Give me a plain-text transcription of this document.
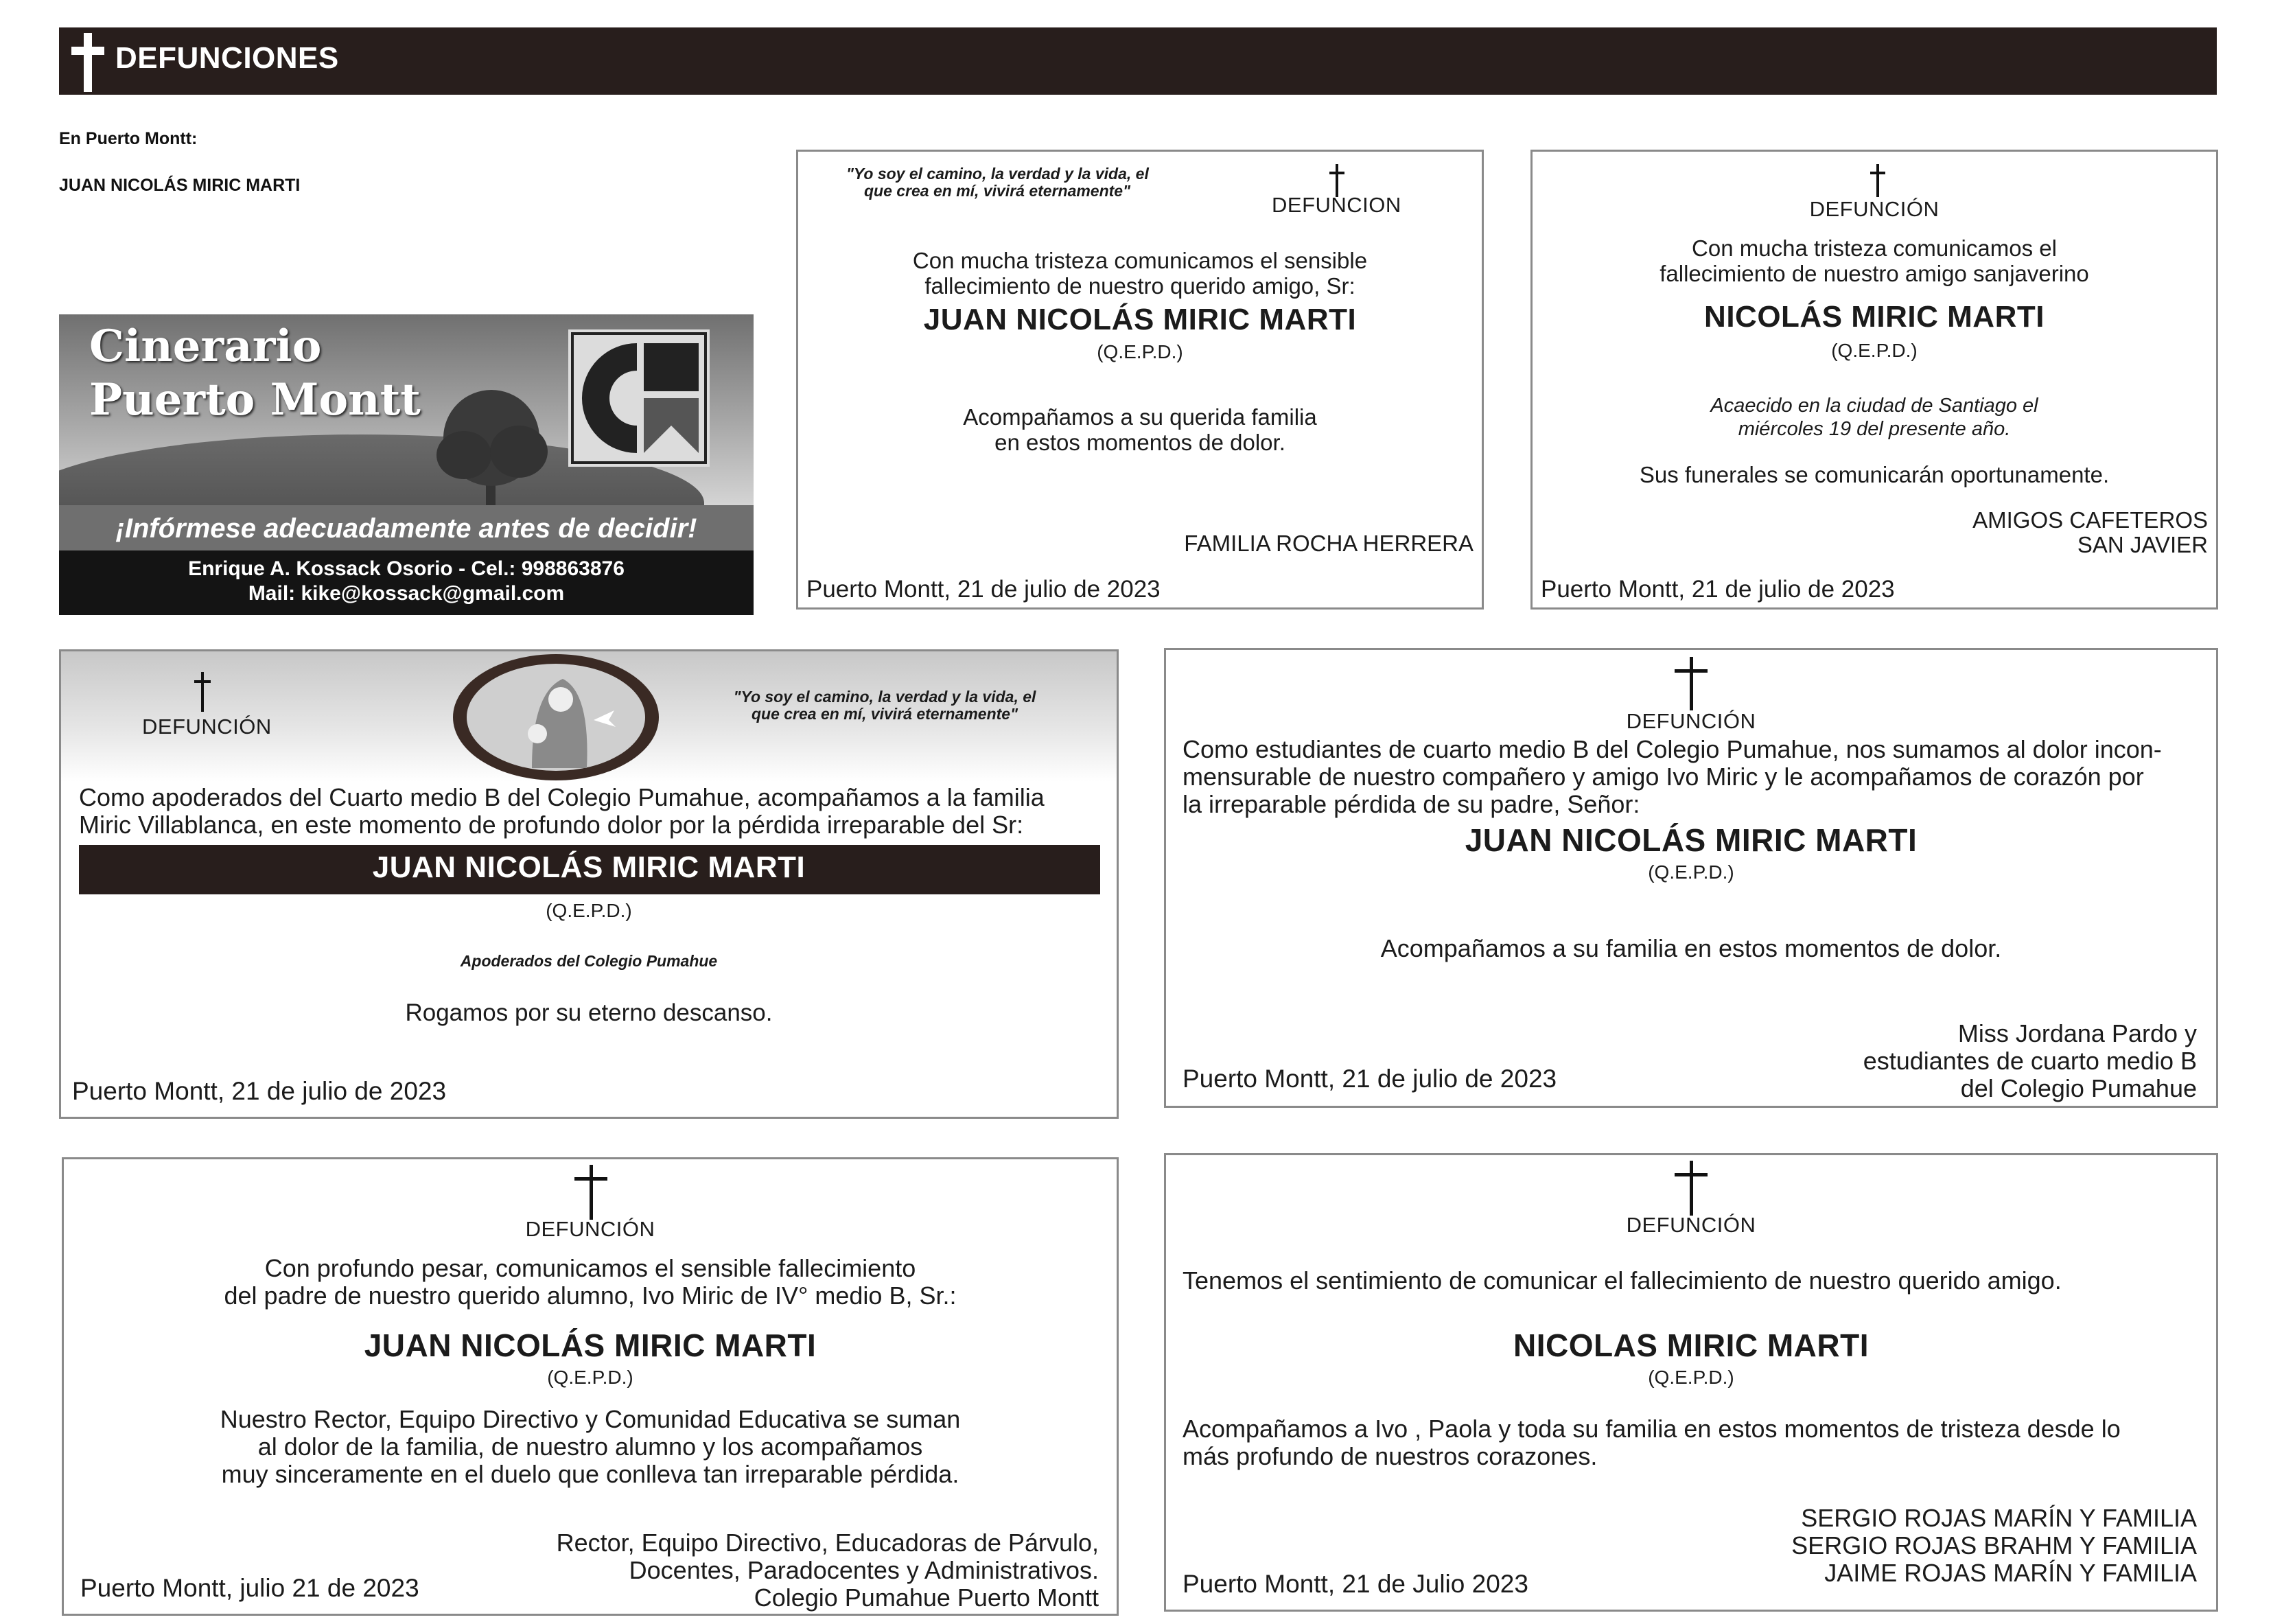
DEFUNCIONES
En Puerto Montt:
JUAN NICOLÁS MIRIC MARTI
Cinerario
Puerto Montt
¡Infórmese adecuadamente antes de decidir!
Enrique A. Kossack Osorio - Cel.: 998863876
Mail: kike@kossack@gmail.com
"Yo soy el camino, la verdad y la vida, el
que crea en mí, vivirá eternamente"
DEFUNCION
Con mucha tristeza comunicamos el sensible
fallecimiento de nuestro querido amigo, Sr:
JUAN NICOLÁS MIRIC MARTI
(Q.E.P.D.)
Acompañamos a su querida familia
en estos momentos de dolor.
FAMILIA ROCHA HERRERA
Puerto Montt, 21 de julio de 2023
DEFUNCIÓN
Con mucha tristeza comunicamos el
fallecimiento de nuestro amigo sanjaverino
NICOLÁS MIRIC MARTI
(Q.E.P.D.)
Acaecido en la ciudad de Santiago el
miércoles 19 del presente año.
Sus funerales se comunicarán oportunamente.
AMIGOS CAFETEROS
SAN JAVIER
Puerto Montt, 21 de julio de 2023
DEFUNCIÓN
"Yo soy el camino, la verdad y la vida, el
que crea en mí, vivirá eternamente"
Como apoderados del Cuarto medio B del Colegio Pumahue, acompañamos a la familia
Miric Villablanca, en este momento de profundo dolor por la pérdida irreparable del Sr:
JUAN NICOLÁS MIRIC MARTI
(Q.E.P.D.)
Apoderados del Colegio Pumahue
Rogamos por su eterno descanso.
Puerto Montt, 21 de julio de 2023
DEFUNCIÓN
Como estudiantes de cuarto medio B del Colegio Pumahue, nos sumamos al dolor incon-
mensurable de nuestro compañero y amigo Ivo Miric y le acompañamos de corazón por
la irreparable pérdida de su padre, Señor:
JUAN NICOLÁS MIRIC MARTI
(Q.E.P.D.)
Acompañamos a su familia en estos momentos de dolor.
Miss Jordana Pardo y
estudiantes de cuarto medio B
del Colegio Pumahue
Puerto Montt, 21 de julio de 2023
DEFUNCIÓN
Con profundo pesar, comunicamos el sensible fallecimiento
del padre de nuestro querido alumno, Ivo Miric de IV° medio B, Sr.:
JUAN NICOLÁS MIRIC MARTI
(Q.E.P.D.)
Nuestro Rector, Equipo Directivo y Comunidad Educativa se suman
al dolor de la familia, de nuestro alumno y los acompañamos
muy sinceramente en el duelo que conlleva tan irreparable pérdida.
Rector, Equipo Directivo, Educadoras de Párvulo,
Docentes, Paradocentes y Administrativos.
Colegio Pumahue Puerto Montt
Puerto Montt, julio 21 de 2023
DEFUNCIÓN
Tenemos el sentimiento de comunicar el fallecimiento de nuestro querido amigo.
NICOLAS MIRIC MARTI
(Q.E.P.D.)
Acompañamos a Ivo , Paola y toda su familia en estos momentos de tristeza desde lo
más profundo de nuestros corazones.
SERGIO ROJAS MARÍN Y FAMILIA
SERGIO ROJAS BRAHM Y FAMILIA
JAIME ROJAS MARÍN Y FAMILIA
Puerto Montt, 21 de Julio 2023
